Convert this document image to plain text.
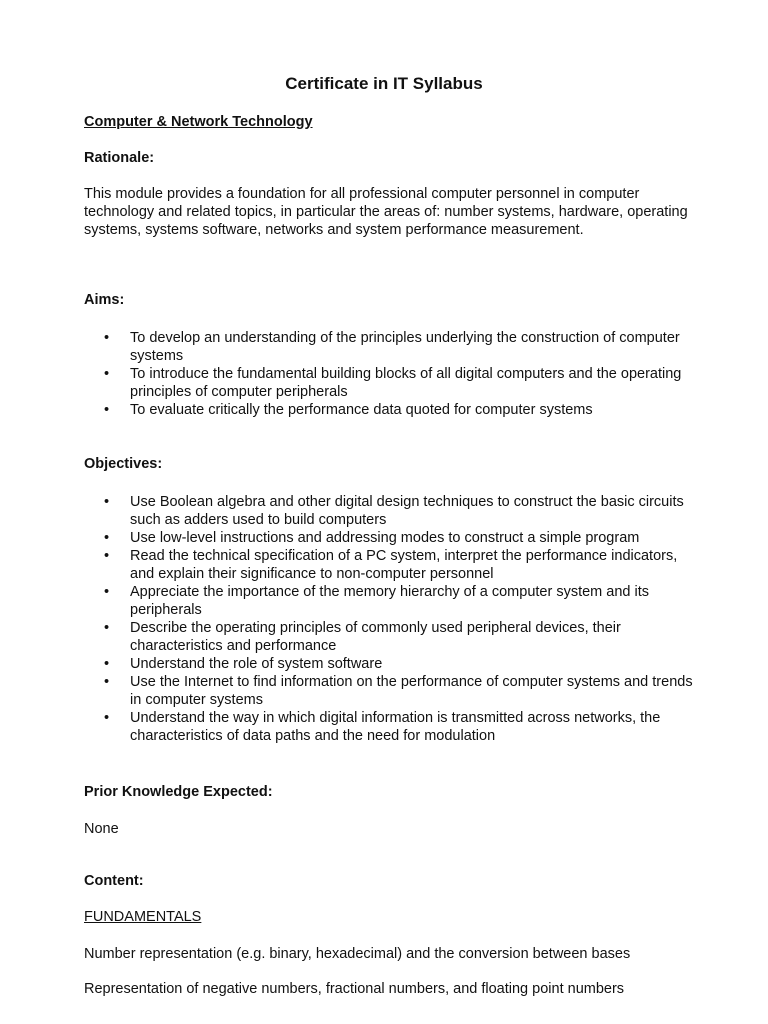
Certificate in IT Syllabus

Computer & Network Technology

Rationale:

This module provides a foundation for all professional computer personnel in computer technology and related topics, in particular the areas of: number systems, hardware, operating systems, systems software, networks and system performance measurement.

Aims:

• To develop an understanding of the principles underlying the construction of computer systems
• To introduce the fundamental building blocks of all digital computers and the operating principles of computer peripherals
• To evaluate critically the performance data quoted for computer systems

Objectives:

• Use Boolean algebra and other digital design techniques to construct the basic circuits such as adders used to build computers
• Use low-level instructions and addressing modes to construct a simple program
• Read the technical specification of a PC system, interpret the performance indicators, and explain their significance to non-computer personnel
• Appreciate the importance of the memory hierarchy of a computer system and its peripherals
• Describe the operating principles of commonly used peripheral devices, their characteristics and performance
• Understand the role of system software
• Use the Internet to find information on the performance of computer systems and trends in computer systems
• Understand the way in which digital information is transmitted across networks, the characteristics of data paths and the need for modulation

Prior Knowledge Expected:

None

Content:

FUNDAMENTALS

Number representation (e.g. binary, hexadecimal) and the conversion between bases

Representation of negative numbers, fractional numbers, and floating point numbers
